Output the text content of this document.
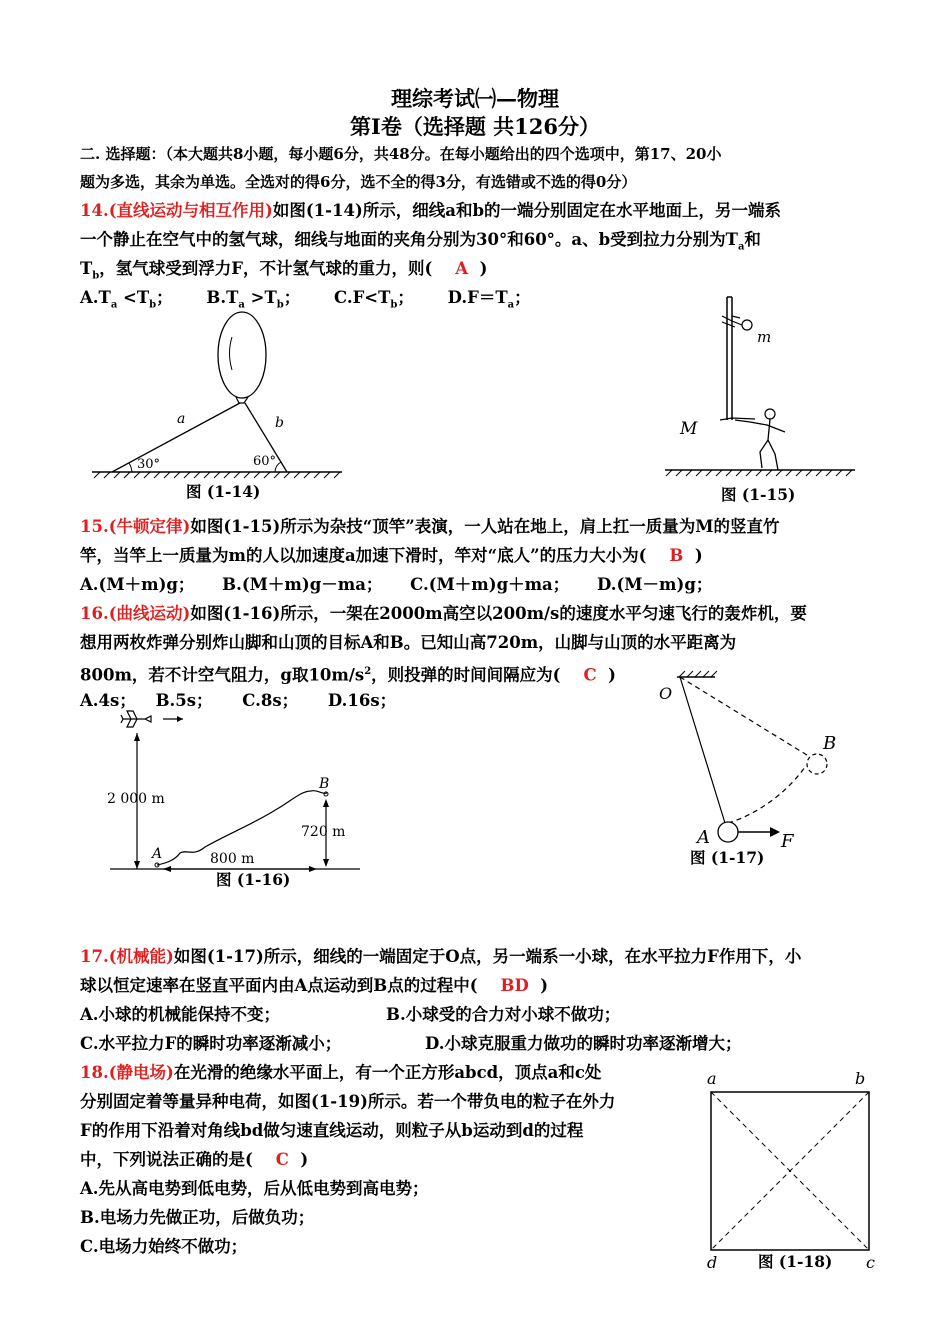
理综考试㈠—物理
第Ⅰ卷（选择题 共126分）
二. 选择题：（本大题共8小题，每小题6分，共48分。在每小题给出的四个选项中，第17、20小
题为多选，其余为单选。全选对的得6分，选不全的得3分，有选错或不选的得0分）
14.(直线运动与相互作用)如图(1-14)所示，细线a和b的一端分别固定在水平地面上，另一端系
一个静止在空气中的氢气球，细线与地面的夹角分别为30°和60°。a、b受到拉力分别为$T_a$和
$T_b$，氢气球受到浮力F，不计氢气球的重力，则(    A  )
$A.T_a <T_b$； $B.T_a >T_b$； $C.F<T_b$； $D.F=T_a$；
a	b
30°	60°
图 (1-14)
m
M
图 (1-15)
15.(牛顿定律)如图(1-15)所示为杂技“顶竿”表演，一人站在地上，肩上扛一质量为M的竖直竹
竿，当竿上一质量为m的人以加速度a加速下滑时，竿对“底人”的压力大小为(    B  )
A.(M＋m)g； B.(M＋m)g－ma； C.(M＋m)g＋ma； D.(M－m)g；
16.(曲线运动)如图(1-16)所示，一架在2000m高空以200m/s的速度水平匀速飞行的轰炸机，要
想用两枚炸弹分别炸山脚和山顶的目标A和B。已知山高720m，山脚与山顶的水平距离为
800m，若不计空气阻力，g取$10m/s^2$，则投弹的时间间隔应为(    C  )
A.4s； B.5s； C.8s； D.16s；
2 000 m
A
B
720 m
800 m
图 (1-16)
O
A
B
F
图 (1-17)
17.(机械能)如图(1-17)所示，细线的一端固定于O点，另一端系一小球，在水平拉力F作用下，小
球以恒定速率在竖直平面内由A点运动到B点的过程中(    BD  )
A.小球的机械能保持不变；	B.小球受的合力对小球不做功；
C.水平拉力F的瞬时功率逐渐减小；	D.小球克服重力做功的瞬时功率逐渐增大；
18.(静电场)在光滑的绝缘水平面上，有一个正方形abcd，顶点a和c处
分别固定着等量异种电荷，如图(1-19)所示。若一个带负电的粒子在外力
F的作用下沿着对角线bd做匀速直线运动，则粒子从b运动到d的过程
中，下列说法正确的是(    C  )
A.先从高电势到低电势，后从低电势到高电势；
B.电场力先做正功，后做负功；
C.电场力始终不做功；
a	b
c
d	图 (1-18)
